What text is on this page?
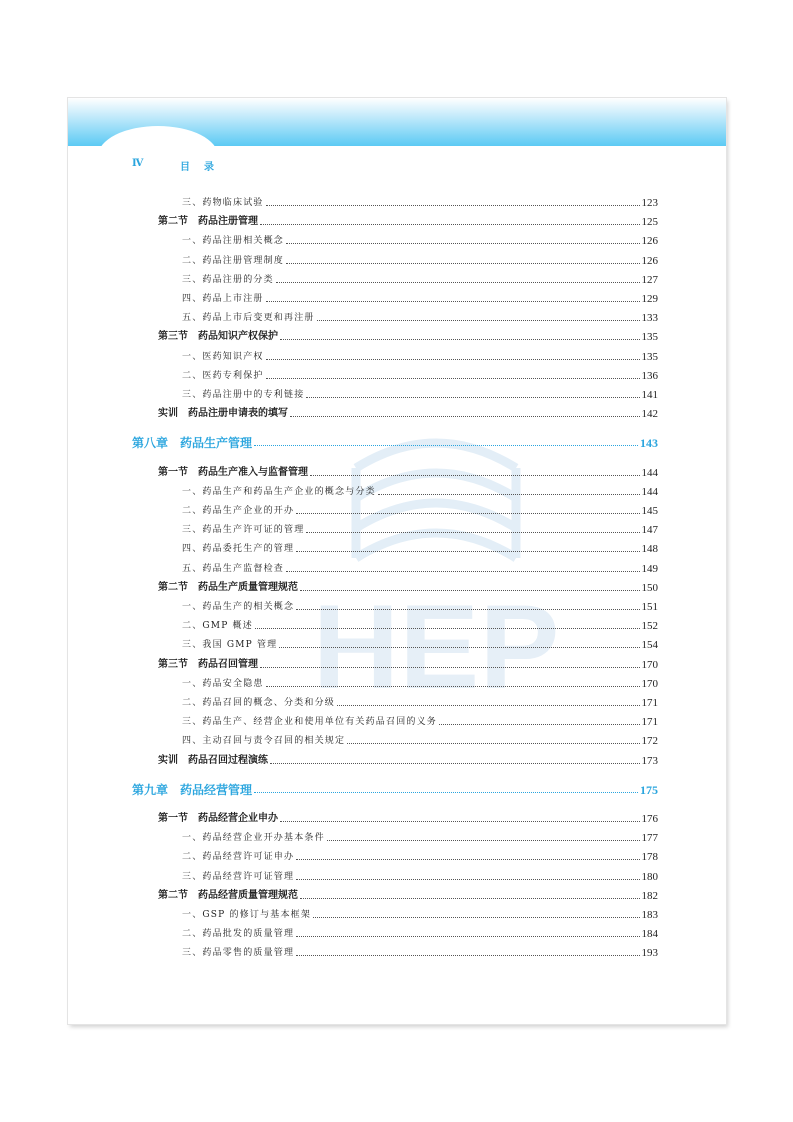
HEP
Ⅳ	目录
三、药物临床试验	123
第二节　药品注册管理	125
一、药品注册相关概念	126
二、药品注册管理制度	126
三、药品注册的分类	127
四、药品上市注册	129
五、药品上市后变更和再注册	133
第三节　药品知识产权保护	135
一、医药知识产权	135
二、医药专利保护	136
三、药品注册中的专利链接	141
实训　药品注册申请表的填写	142
第八章　药品生产管理	143
第一节　药品生产准入与监督管理	144
一、药品生产和药品生产企业的概念与分类	144
二、药品生产企业的开办	145
三、药品生产许可证的管理	147
四、药品委托生产的管理	148
五、药品生产监督检查	149
第二节　药品生产质量管理规范	150
一、药品生产的相关概念	151
二、GMP 概述	152
三、我国 GMP 管理	154
第三节　药品召回管理	170
一、药品安全隐患	170
二、药品召回的概念、分类和分级	171
三、药品生产、经营企业和使用单位有关药品召回的义务	171
四、主动召回与责令召回的相关规定	172
实训　药品召回过程演练	173
第九章　药品经营管理	175
第一节　药品经营企业申办	176
一、药品经营企业开办基本条件	177
二、药品经营许可证申办	178
三、药品经营许可证管理	180
第二节　药品经营质量管理规范	182
一、GSP 的修订与基本框架	183
二、药品批发的质量管理	184
三、药品零售的质量管理	193
